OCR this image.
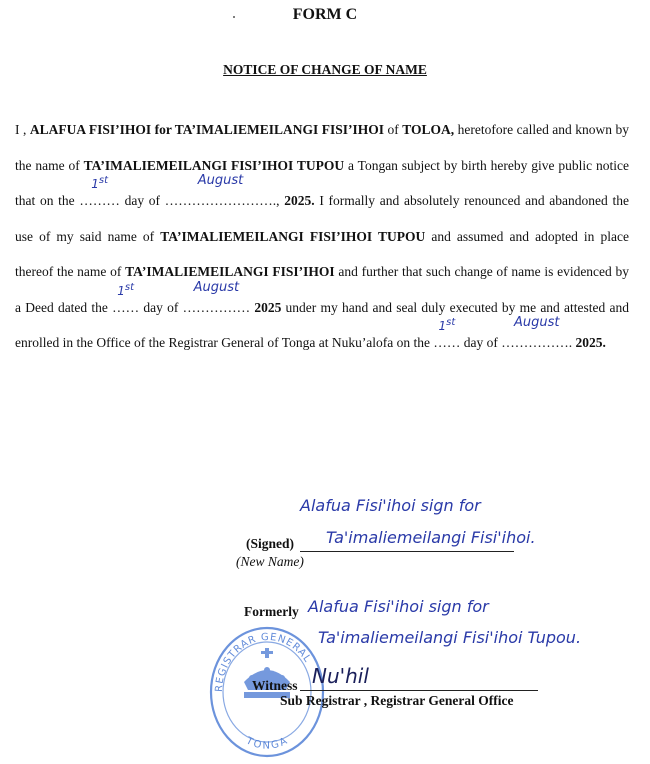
FORM C
NOTICE OF CHANGE OF NAME
I , ALAFUA FISI’IHOI for TA’IMALIEMEILANGI FISI’IHOI of TOLOA, heretofore called and known by the name of TA’IMALIEMEILANGI FISI’IHOI TUPOU a Tongan subject by birth hereby give public notice that on the ………
1st
day of …………………….
August
, 2025. I formally and absolutely renounced and abandoned the use of my said name of TA’IMALIEMEILANGI FISI’IHOI TUPOU and assumed and adopted in place thereof the name of TA’IMALIEMEILANGI FISI’IHOI and further that such change of name is evidenced by a Deed dated the ……
1st
day of ……………
August
2025 under my hand and seal duly executed by me and attested and enrolled in the Office of the Registrar General of Tonga at Nuku’alofa on the ……
1st
day of …………….
August
2025.
Alafua Fisi'ihoi sign for
(Signed) Ta'imaliemeilangi Fisi'ihoi.
(New Name)
Formerly Alafua Fisi'ihoi sign for
Ta'imaliemeilangi Fisi'ihoi Tupou.
REGISTRAR GENERAL
TONGA
Witness Nu'hil
Sub Registrar , Registrar General Office
